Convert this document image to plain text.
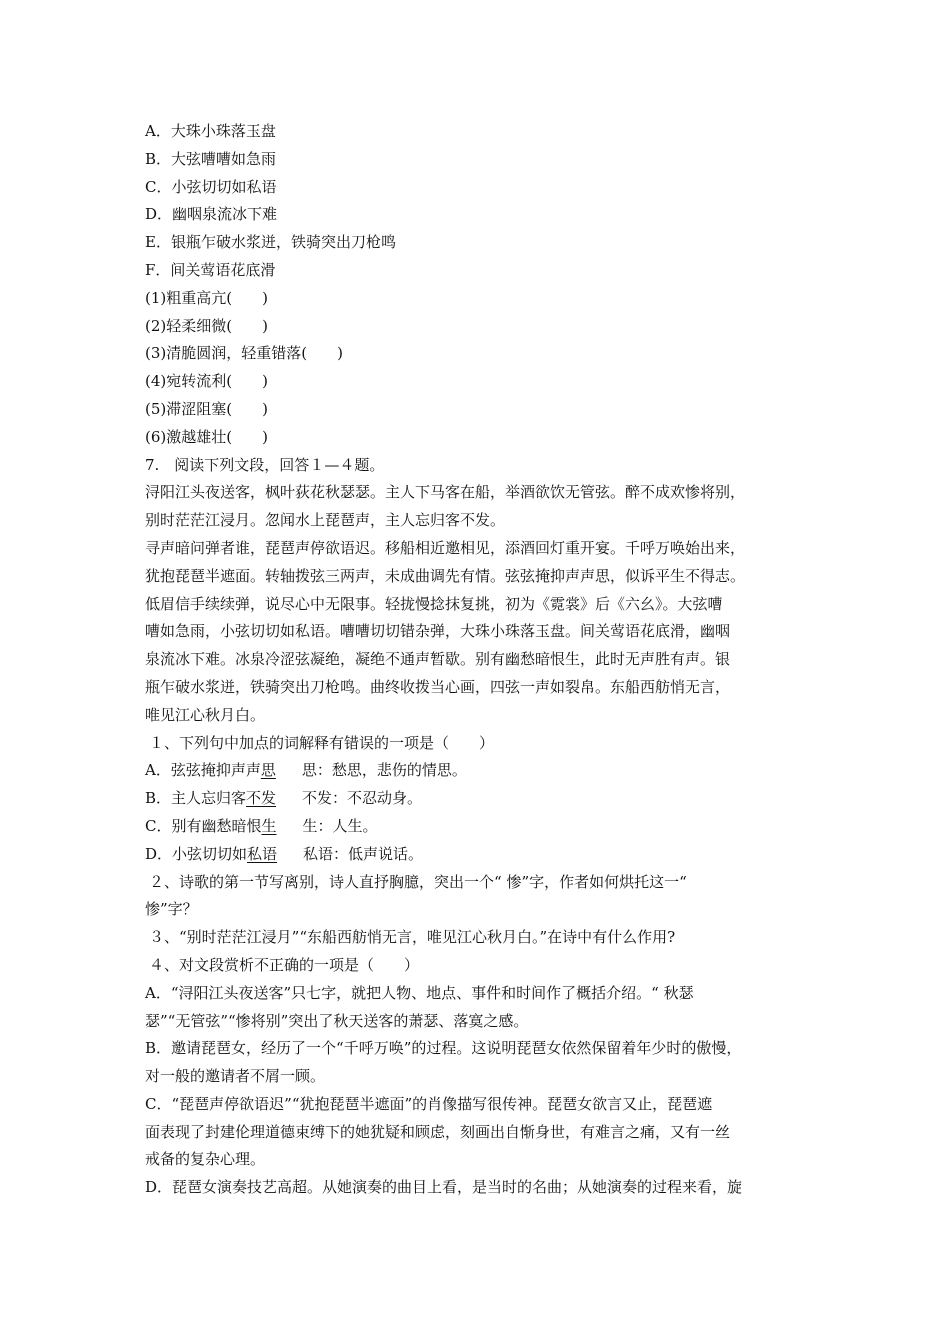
A．大珠小珠落玉盘
B．大弦嘈嘈如急雨
C．小弦切切如私语
D．幽咽泉流冰下难
E．银瓶乍破水浆迸，铁骑突出刀枪鸣
F．间关莺语花底滑
(1)粗重高亢(　　)
(2)轻柔细微(　　)
(3)清脆圆润，轻重错落(　　)
(4)宛转流利(　　)
(5)滞涩阻塞(　　)
(6)激越雄壮(　　)
7.　阅读下列文段，回答１—４题。
浔阳江头夜送客，枫叶荻花秋瑟瑟。主人下马客在船，举酒欲饮无管弦。醉不成欢惨将别，
别时茫茫江浸月。忽闻水上琵琶声，主人忘归客不发。
寻声暗问弹者谁，琵琶声停欲语迟。移船相近邀相见，添酒回灯重开宴。千呼万唤始出来，
犹抱琵琶半遮面。转轴拨弦三两声，未成曲调先有情。弦弦掩抑声声思，似诉平生不得志。
低眉信手续续弹，说尽心中无限事。轻拢慢捻抹复挑，初为《霓裳》后《六幺》。大弦嘈
嘈如急雨，小弦切切如私语。嘈嘈切切错杂弹，大珠小珠落玉盘。间关莺语花底滑，幽咽
泉流冰下难。冰泉冷涩弦凝绝，凝绝不通声暂歇。别有幽愁暗恨生，此时无声胜有声。银
瓶乍破水浆迸，铁骑突出刀枪鸣。曲终收拨当心画，四弦一声如裂帛。东船西舫悄无言，
唯见江心秋月白。
１、下列句中加点的词解释有错误的一项是（　　）
A．弦弦掩抑声声思 思：愁思，悲伤的情思。
B．主人忘归客不发 不发：不忍动身。
C．别有幽愁暗恨生 生：人生。
D．小弦切切如私语 私语：低声说话。
２、诗歌的第一节写离别，诗人直抒胸臆，突出一个“ 惨”字，作者如何烘托这一“
惨”字？
３、“别时茫茫江浸月”“东船西舫悄无言，唯见江心秋月白。”在诗中有什么作用?
４、对文段赏析不正确的一项是（　　）
A．“浔阳江头夜送客”只七字，就把人物、地点、事件和时间作了概括介绍。“ 秋瑟
瑟”“无管弦”“惨将别”突出了秋天送客的萧瑟、落寞之感。
B．邀请琵琶女，经历了一个“千呼万唤”的过程。这说明琵琶女依然保留着年少时的傲慢，
对一般的邀请者不屑一顾。
C．“琵琶声停欲语迟”“犹抱琵琶半遮面”的肖像描写很传神。琵琶女欲言又止，琵琶遮
面表现了封建伦理道德束缚下的她犹疑和顾虑，刻画出自惭身世，有难言之痛，又有一丝
戒备的复杂心理。
D．琵琶女演奏技艺高超。从她演奏的曲目上看，是当时的名曲；从她演奏的过程来看，旋
